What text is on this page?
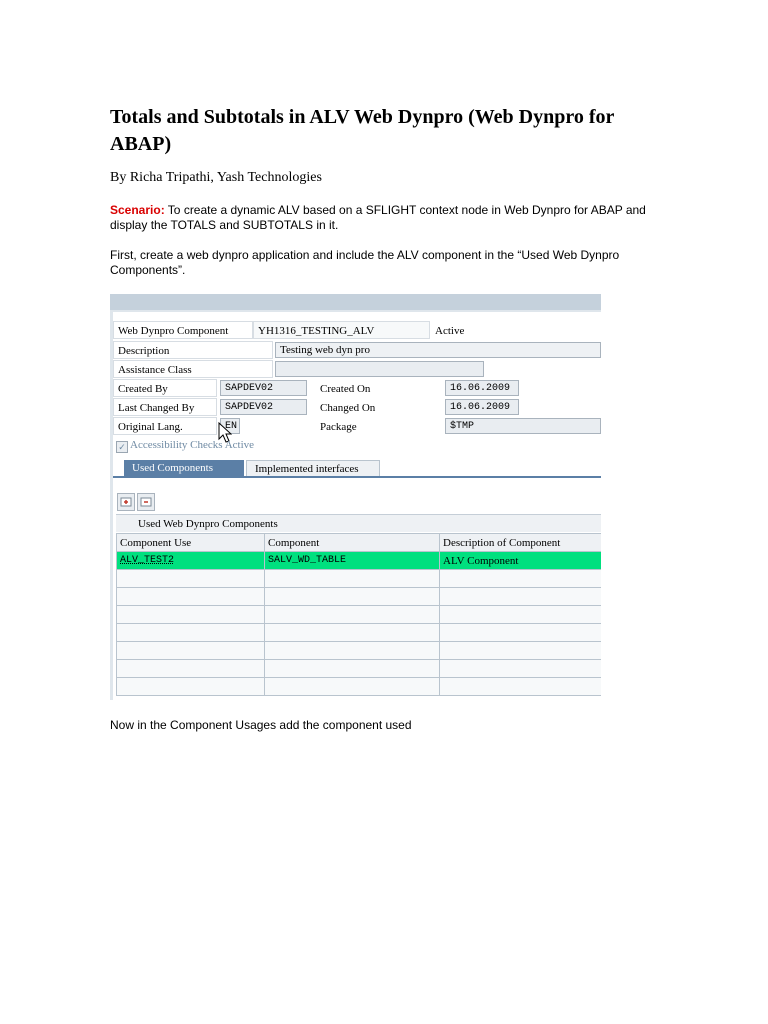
Totals and Subtotals in ALV Web Dynpro (Web Dynpro for ABAP)
By Richa Tripathi, Yash Technologies

Scenario: To create a dynamic ALV based on a SFLIGHT context node in Web Dynpro for ABAP and display the TOTALS and SUBTOTALS in it.

First, create a web dynpro application and include the ALV component in the “Used Web Dynpro Components”.

Web Dynpro Component	YH1316_TESTING_ALV	Active
Description	Testing web dyn pro
Assistance Class
Created By	SAPDEV02	Created On	16.06.2009
Last Changed By	SAPDEV02	Changed On	16.06.2009
Original Lang.	EN	Package	$TMP
✓ Accessibility Checks Active
Used Components	Implemented interfaces
Used Web Dynpro Components
Component Use	Component	Description of Component
ALV_TEST2	SALV_WD_TABLE	ALV Component

Now in the Component Usages add the component used
